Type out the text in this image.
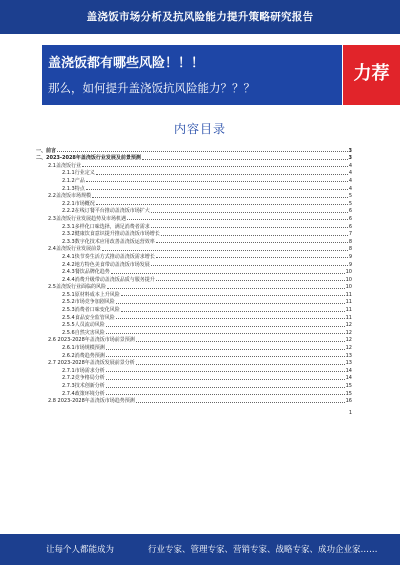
盖浇饭市场分析及抗风险能力提升策略研究报告
盖浇饭都有哪些风险！！！
那么，如何提升盖浇饭抗风险能力？？？
力荐
内容目录
一、前言	3
二、2023-2028年盖浇饭行业发展及前景预测	3
2.1盖浇饭行业	4
2.1.1行业定义	4
2.1.2产品	4
2.1.3特点	4
2.2盖浇饭市场规模	5
2.2.1市场概况	5
2.2.2在线订餐平台推动盖浇饭市场扩大	6
2.3盖浇饭行业发展趋势及市场机遇	6
2.3.1多样化口味选择，满足消费者需求	6
2.3.2健康饮食意识提升推动盖浇饭市场增长	7
2.3.3数字化技术应用改善盖浇饭运营效率	8
2.4盖浇饭行业发展前景	8
2.4.1快节奏生活方式推动盖浇饭需求增长	9
2.4.2地方特色美食带动盖浇饭市场发展	9
2.4.3餐饮品牌化趋势	10
2.4.4消费升级带动盖浇饭品质与服务提升	10
2.5盖浇饭行业面临的风险	10
2.5.1原材料成本上升风险	11
2.5.2市场竞争加剧风险	11
2.5.3消费者口味变化风险	11
2.5.4食品安全监管风险	11
2.5.5人员流动风险	12
2.5.6自然灾害风险	12
2.6 2023-2028年盖浇饭市场前景预测	12
2.6.1市场规模预测	12
2.6.2消费趋势预测	13
2.7 2023-2028年盖浇饭发展前景分析	13
2.7.1市场需求分析	14
2.7.2竞争格局分析	14
2.7.3技术创新分析	15
2.7.4政策环境分析	15
2.8 2023-2028年盖浇饭市场趋势预测	16
1
让每个人都能成为	行业专家、管理专家、营销专家、战略专家、成功企业家……
